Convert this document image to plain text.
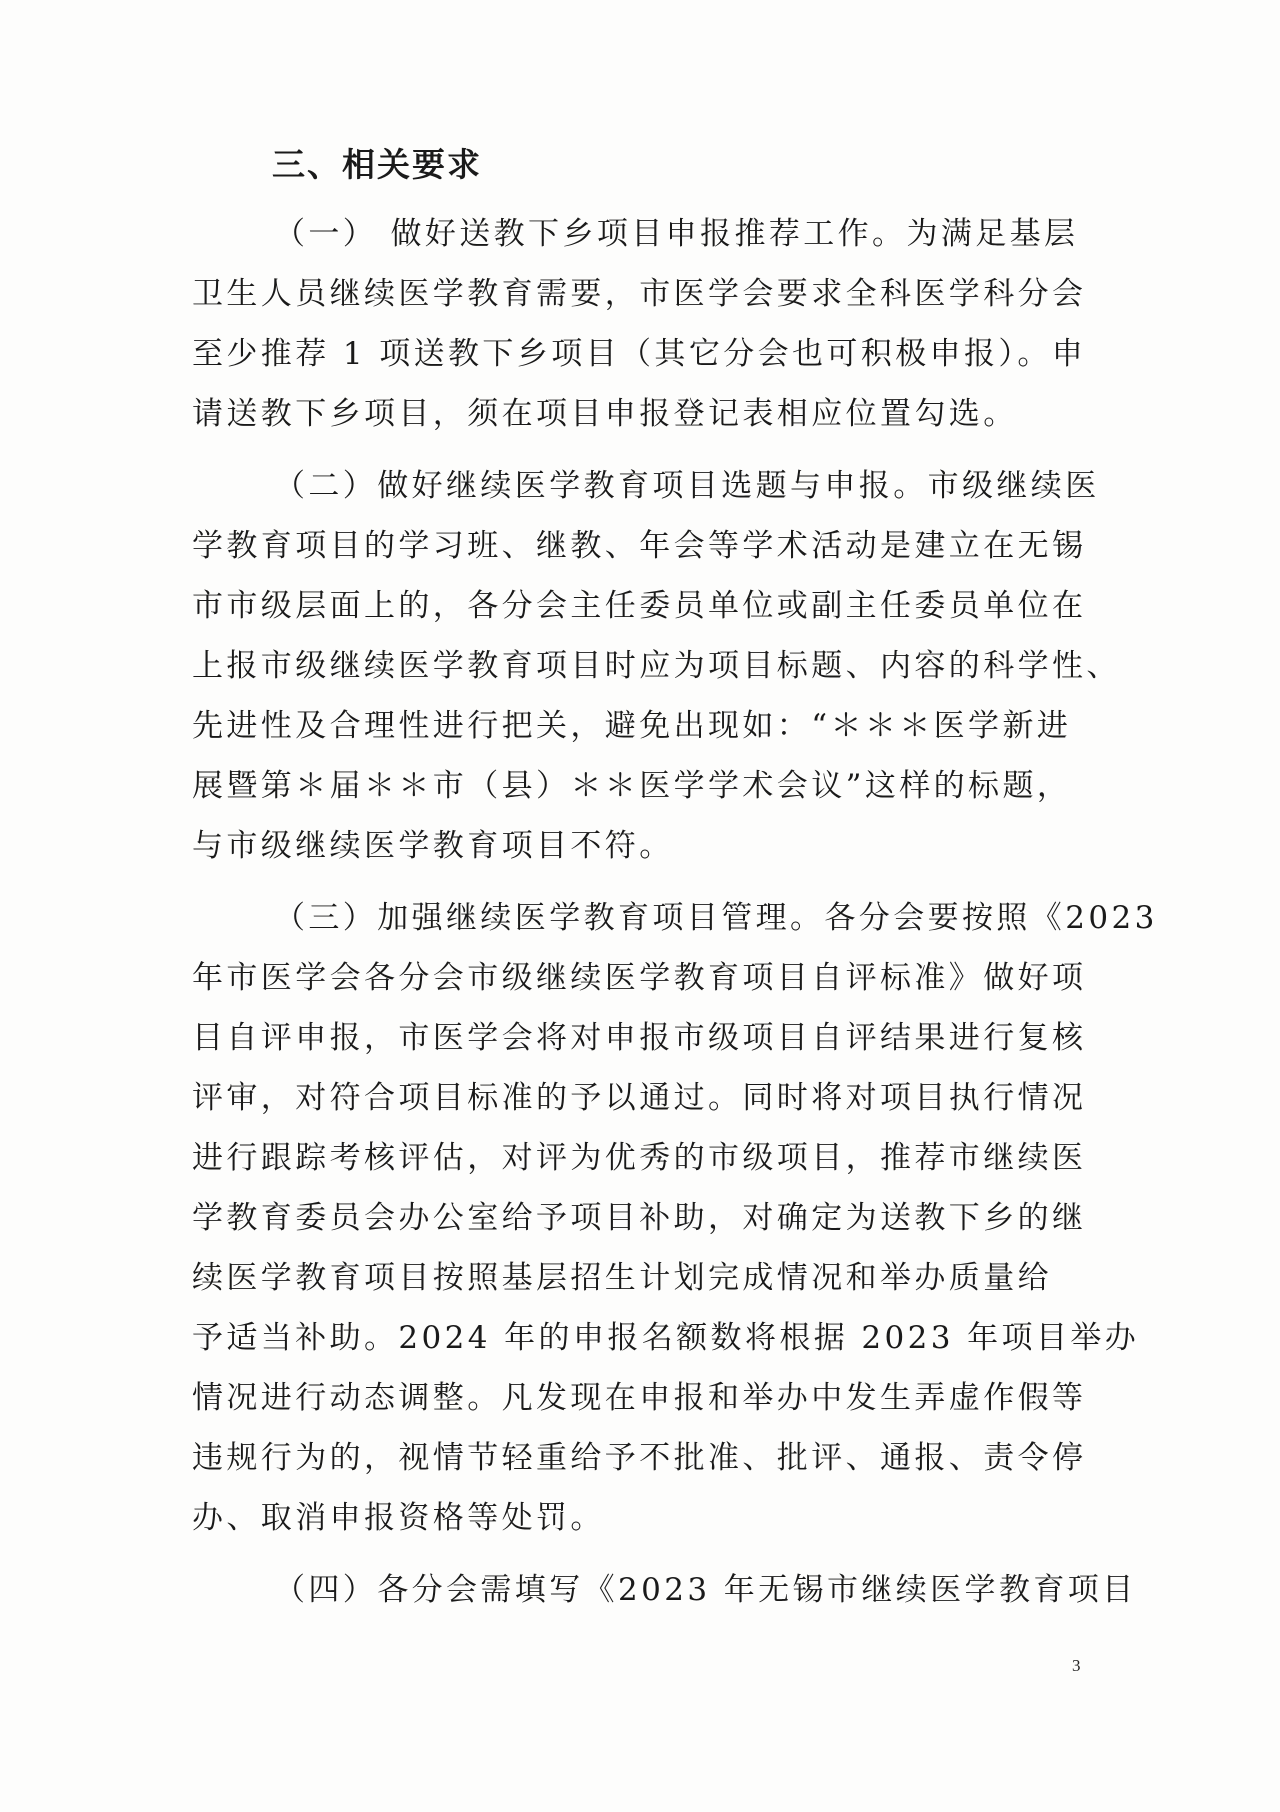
三、相关要求
（一） 做好送教下乡项目申报推荐工作。为满足基层
卫生人员继续医学教育需要，市医学会要求全科医学科分会
至少推荐 1 项送教下乡项目（其它分会也可积极申报）。申
请送教下乡项目，须在项目申报登记表相应位置勾选。
（二）做好继续医学教育项目选题与申报。市级继续医
学教育项目的学习班、继教、年会等学术活动是建立在无锡
市市级层面上的，各分会主任委员单位或副主任委员单位在
上报市级继续医学教育项目时应为项目标题、内容的科学性、
先进性及合理性进行把关，避免出现如：“＊＊＊医学新进
展暨第＊届＊＊市（县）＊＊医学学术会议”这样的标题，
与市级继续医学教育项目不符。
（三）加强继续医学教育项目管理。各分会要按照《2023
年市医学会各分会市级继续医学教育项目自评标准》做好项
目自评申报，市医学会将对申报市级项目自评结果进行复核
评审，对符合项目标准的予以通过。同时将对项目执行情况
进行跟踪考核评估，对评为优秀的市级项目，推荐市继续医
学教育委员会办公室给予项目补助，对确定为送教下乡的继
续医学教育项目按照基层招生计划完成情况和举办质量给
予适当补助。2024 年的申报名额数将根据 2023 年项目举办
情况进行动态调整。凡发现在申报和举办中发生弄虚作假等
违规行为的，视情节轻重给予不批准、批评、通报、责令停
办、取消申报资格等处罚。
（四）各分会需填写《2023 年无锡市继续医学教育项目
3
